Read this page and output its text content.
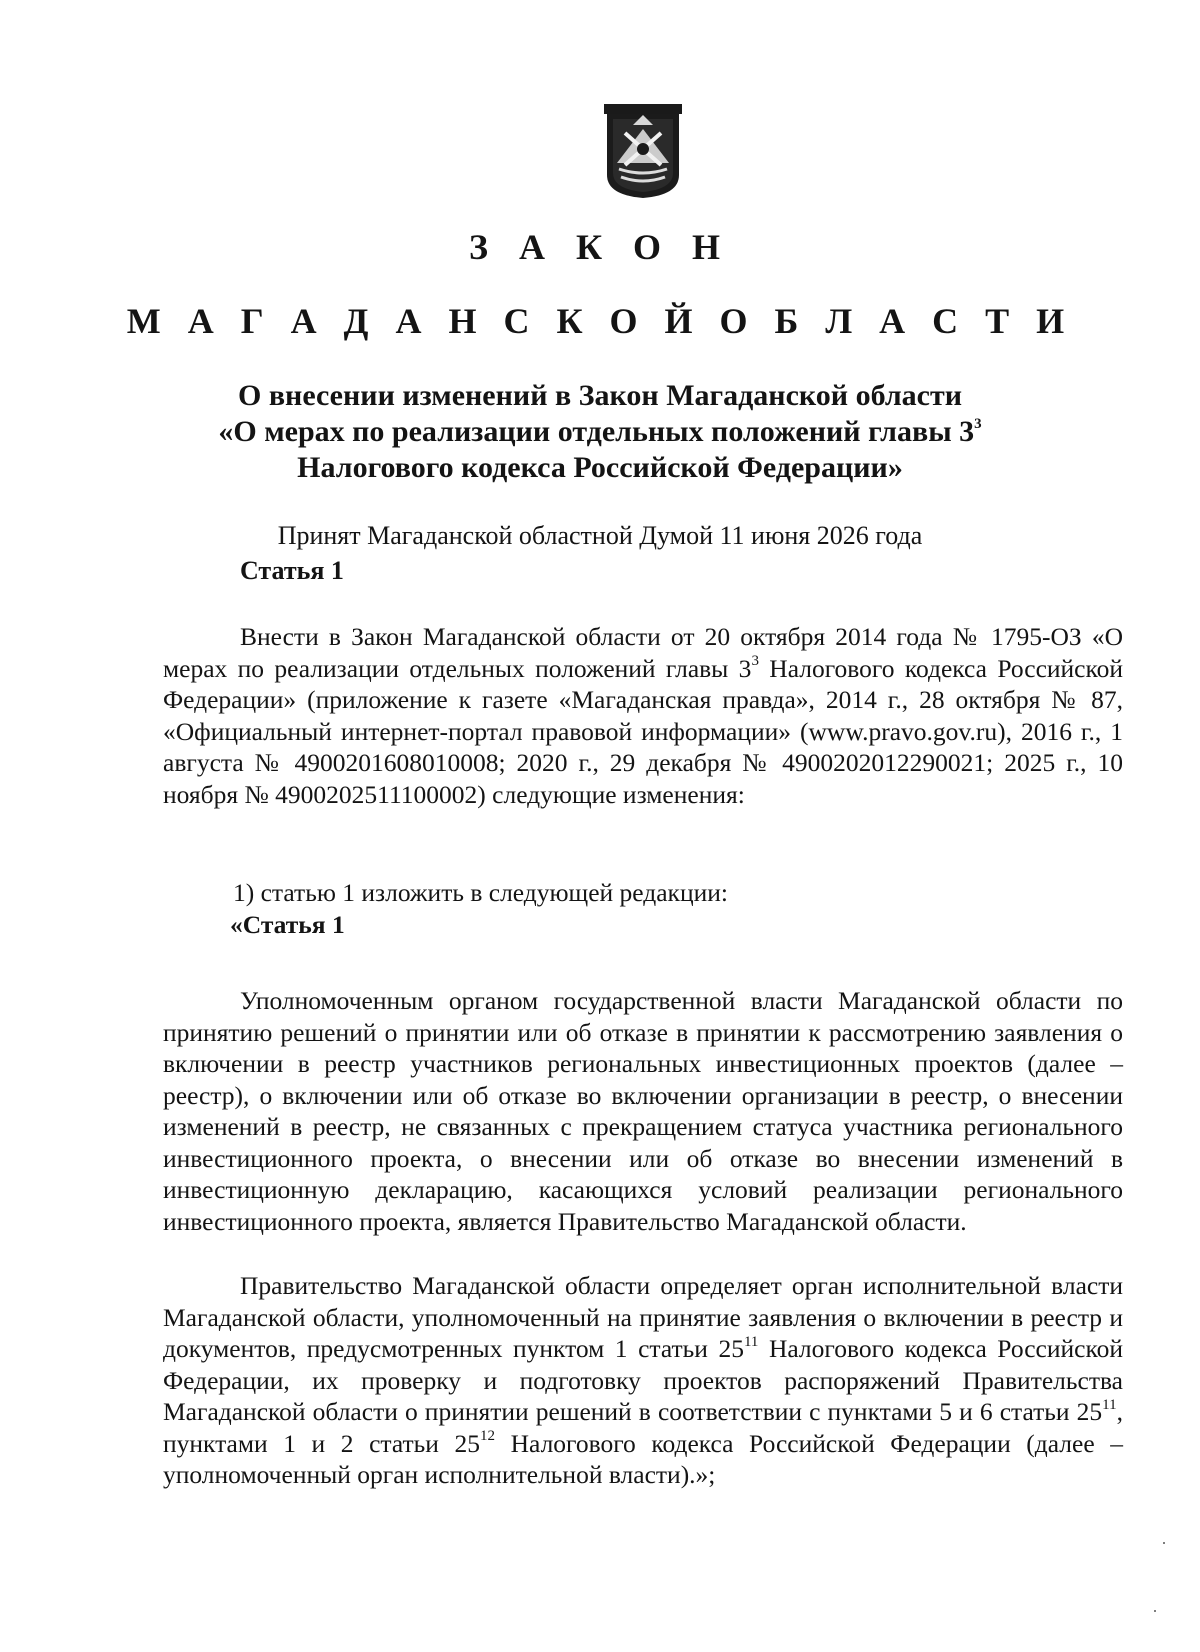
З А К О Н
М А Г А Д А Н С К О Й О Б Л А С Т И
О внесении изменений в Закон Магаданской области
«О мерах по реализации отдельных положений главы $3^3$
Налогового кодекса Российской Федерации»
Принят Магаданской областной Думой 11 июня 2026 года
Статья 1
Внести в Закон Магаданской области от 20 октября 2014 года № 1795-ОЗ «О мерах по реализации отдельных положений главы $3^3$ Налогового кодекса Российской Федерации» (приложение к газете «Магаданская правда», 2014 г., 28 октября № 87, «Официальный интернет-портал правовой информации» (www.pravo.gov.ru), 2016 г., 1 августа № 4900201608010008; 2020 г., 29 декабря № 4900202012290021; 2025 г., 10 ноября № 4900202511100002) следующие изменения:
1) статью 1 изложить в следующей редакции:
«Статья 1
Уполномоченным органом государственной власти Магаданской области по принятию решений о принятии или об отказе в принятии к рассмотрению заявления о включении в реестр участников региональных инвестиционных проектов (далее – реестр), о включении или об отказе во включении организации в реестр, о внесении изменений в реестр, не связанных с прекращением статуса участника регионального инвестиционного проекта, о внесении или об отказе во внесении изменений в инвестиционную декларацию, касающихся условий реализации регионального инвестиционного проекта, является Правительство Магаданской области.
Правительство Магаданской области определяет орган исполнительной власти Магаданской области, уполномоченный на принятие заявления о включении в реестр и документов, предусмотренных пунктом 1 статьи $25^{11}$ Налогового кодекса Российской Федерации, их проверку и подготовку проектов распоряжений Правительства Магаданской области о принятии решений в соответствии с пунктами 5 и 6 статьи $25^{11}$, пунктами 1 и 2 статьи $25^{12}$ Налогового кодекса Российской Федерации (далее – уполномоченный орган исполнительной власти).»;
